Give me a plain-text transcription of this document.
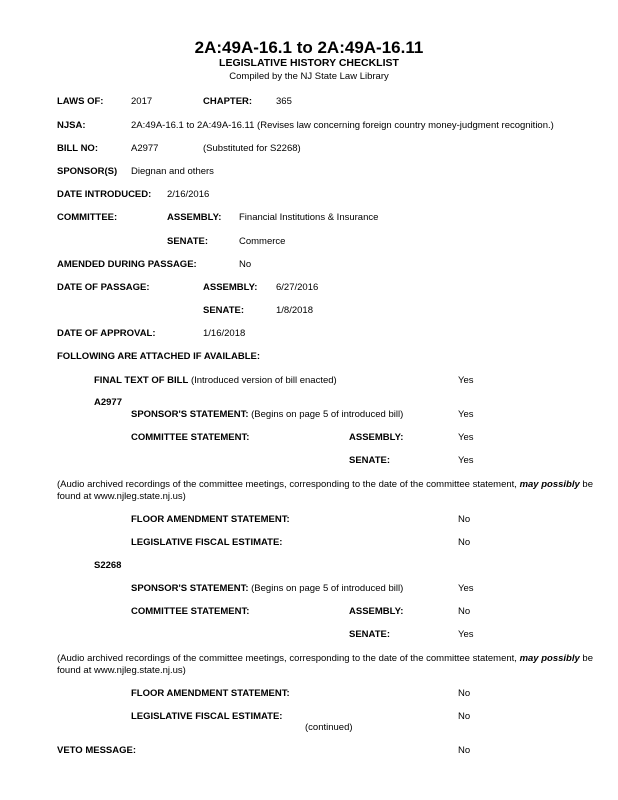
2A:49A-16.1 to 2A:49A-16.11
LEGISLATIVE HISTORY CHECKLIST
Compiled by the NJ State Law Library
LAWS OF:	2017	CHAPTER:	365
NJSA:	2A:49A-16.1 to 2A:49A-16.11 (Revises law concerning foreign country money-judgment recognition.)
BILL NO:	A2977	(Substituted for S2268)
SPONSOR(S) Diegnan and others
DATE INTRODUCED: 2/16/2016
COMMITTEE:	ASSEMBLY: Financial Institutions & Insurance
SENATE:	Commerce
AMENDED DURING PASSAGE:	No
DATE OF PASSAGE:	ASSEMBLY: 6/27/2016
SENATE:	1/8/2018
DATE OF APPROVAL:	1/16/2018
FOLLOWING ARE ATTACHED IF AVAILABLE:
FINAL TEXT OF BILL (Introduced version of bill enacted)	Yes
A2977
SPONSOR'S STATEMENT: (Begins on page 5 of introduced bill)	Yes
COMMITTEE STATEMENT:	ASSEMBLY:	Yes
SENATE:	Yes
(Audio archived recordings of the committee meetings, corresponding to the date of the committee statement, may possibly be found at www.njleg.state.nj.us)
FLOOR AMENDMENT STATEMENT:	No
LEGISLATIVE FISCAL ESTIMATE:	No
S2268
SPONSOR'S STATEMENT: (Begins on page 5 of introduced bill)	Yes
COMMITTEE STATEMENT:	ASSEMBLY:	No
SENATE:	Yes
(Audio archived recordings of the committee meetings, corresponding to the date of the committee statement, may possibly be found at www.njleg.state.nj.us)
FLOOR AMENDMENT STATEMENT:	No
LEGISLATIVE FISCAL ESTIMATE:	No
(continued)
VETO MESSAGE:	No
